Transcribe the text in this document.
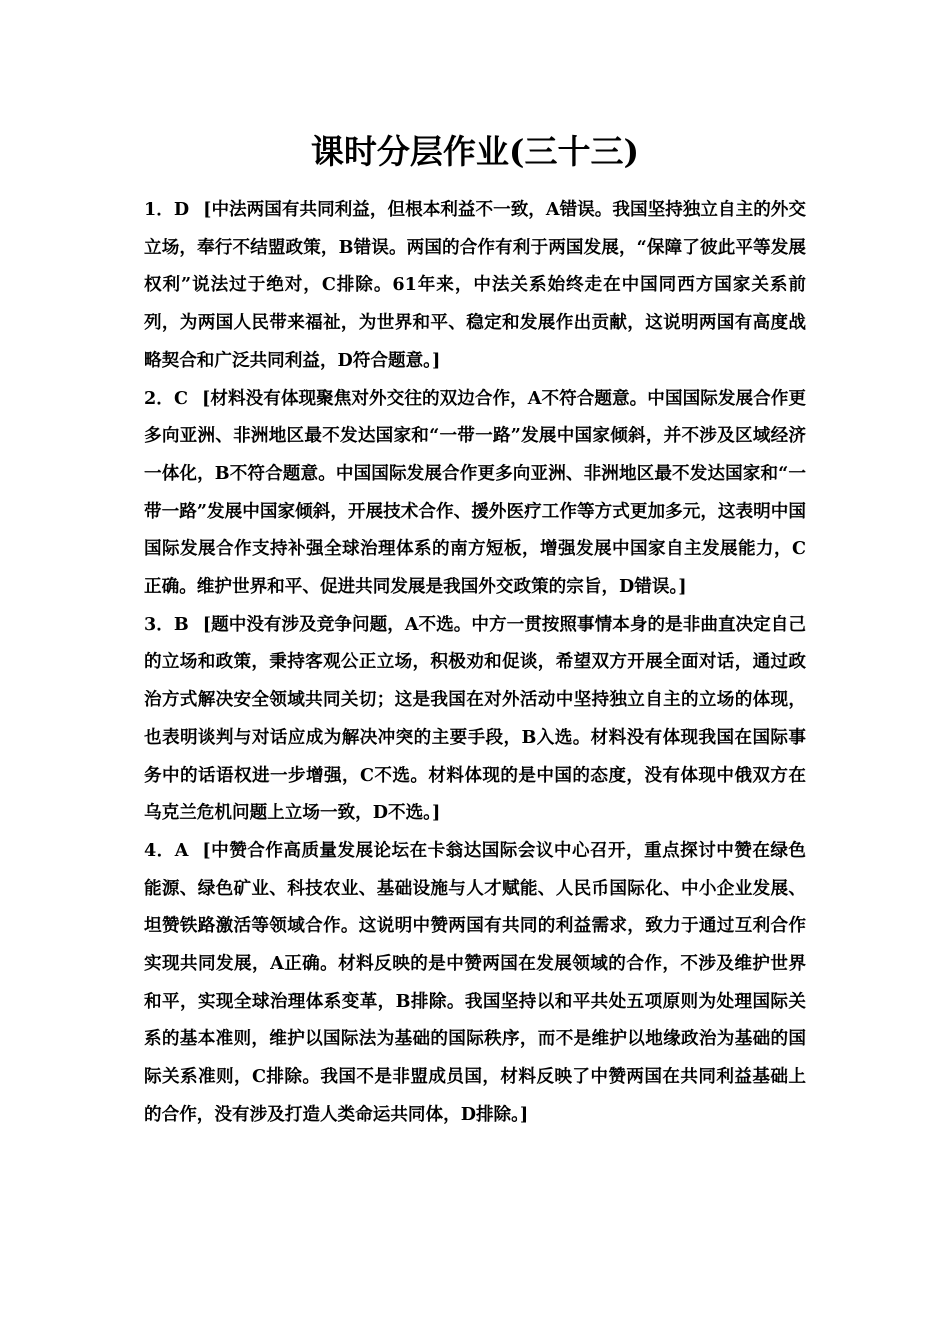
课时分层作业(三十三)

1．D [中法两国有共同利益，但根本利益不一致，A错误。我国坚持独立自主的外交立场，奉行不结盟政策，B错误。两国的合作有利于两国发展，“保障了彼此平等发展权利”说法过于绝对，C排除。61年来，中法关系始终走在中国同西方国家关系前列，为两国人民带来福祉，为世界和平、稳定和发展作出贡献，这说明两国有高度战略契合和广泛共同利益，D符合题意。]

2．C [材料没有体现聚焦对外交往的双边合作，A不符合题意。中国国际发展合作更多向亚洲、非洲地区最不发达国家和“一带一路”发展中国家倾斜，并不涉及区域经济一体化，B不符合题意。中国国际发展合作更多向亚洲、非洲地区最不发达国家和“一带一路”发展中国家倾斜，开展技术合作、援外医疗工作等方式更加多元，这表明中国国际发展合作支持补强全球治理体系的南方短板，增强发展中国家自主发展能力，C正确。维护世界和平、促进共同发展是我国外交政策的宗旨，D错误。]

3．B [题中没有涉及竞争问题，A不选。中方一贯按照事情本身的是非曲直决定自己的立场和政策，秉持客观公正立场，积极劝和促谈，希望双方开展全面对话，通过政治方式解决安全领域共同关切；这是我国在对外活动中坚持独立自主的立场的体现，也表明谈判与对话应成为解决冲突的主要手段，B入选。材料没有体现我国在国际事务中的话语权进一步增强，C不选。材料体现的是中国的态度，没有体现中俄双方在乌克兰危机问题上立场一致，D不选。]

4．A [中赞合作高质量发展论坛在卡翁达国际会议中心召开，重点探讨中赞在绿色能源、绿色矿业、科技农业、基础设施与人才赋能、人民币国际化、中小企业发展、坦赞铁路激活等领域合作。这说明中赞两国有共同的利益需求，致力于通过互利合作实现共同发展，A正确。材料反映的是中赞两国在发展领域的合作，不涉及维护世界和平，实现全球治理体系变革，B排除。我国坚持以和平共处五项原则为处理国际关系的基本准则，维护以国际法为基础的国际秩序，而不是维护以地缘政治为基础的国际关系准则，C排除。我国不是非盟成员国，材料反映了中赞两国在共同利益基础上的合作，没有涉及打造人类命运共同体，D排除。]
